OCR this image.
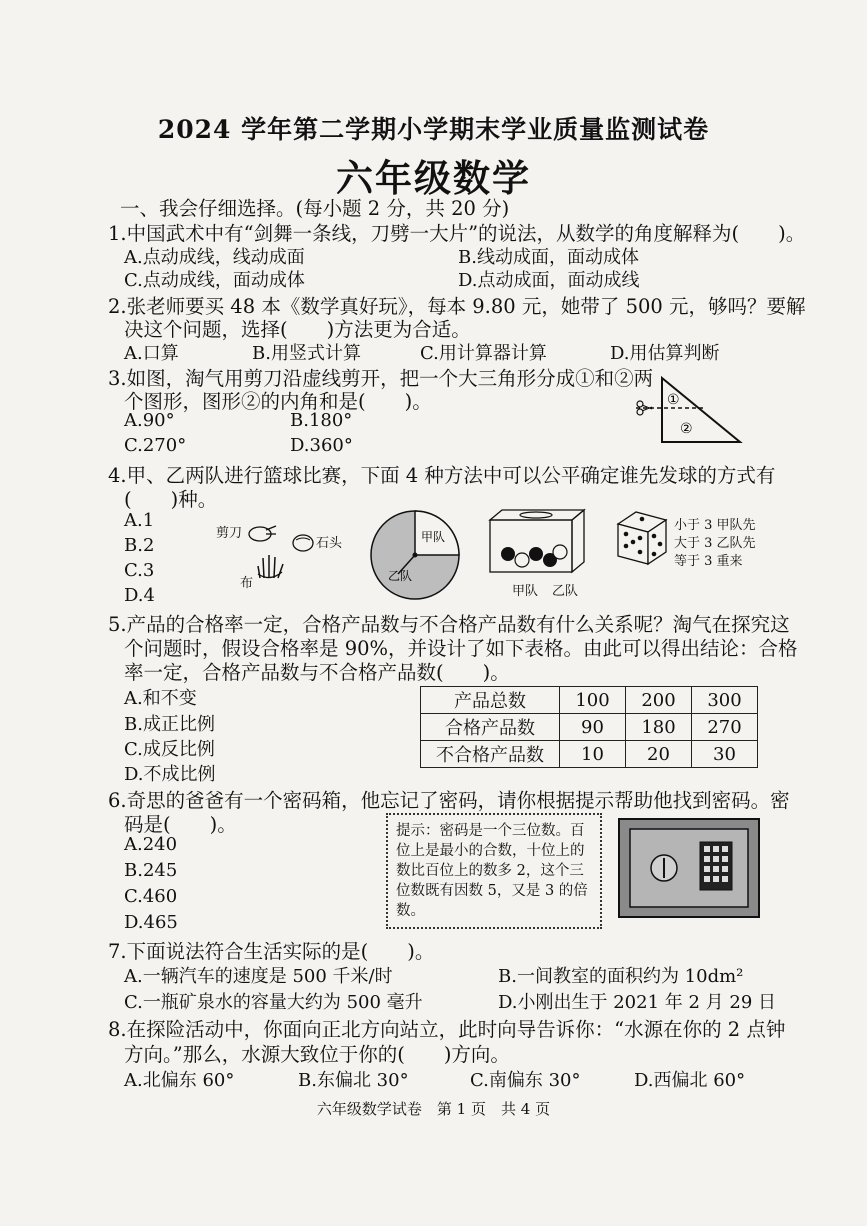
2024 学年第二学期小学期末学业质量监测试卷
六年级数学
一、我会仔细选择。(每小题 2 分，共 20 分)
1.中国武术中有“剑舞一条线，刀劈一大片”的说法，从数学的角度解释为(　　)。
A.点动成线，线动成面	B.线动成面，面动成体
C.点动成线，面动成体	D.点动成面，面动成线
2.张老师要买 48 本《数学真好玩》，每本 9.80 元，她带了 500 元，够吗？要解
决这个问题，选择(　　)方法更为合适。
A.口算	B.用竖式计算	C.用计算器计算	D.用估算判断
3.如图，淘气用剪刀沿虚线剪开，把一个大三角形分成①和②两
个图形，图形②的内角和是(　　)。
A.90°	B.180°
C.270°	D.360°
①
②
4.甲、乙两队进行篮球比赛，下面 4 种方法中可以公平确定谁先发球的方式有
(　　)种。
A.1
B.2
C.3
D.4
剪刀
石头
布
甲队
乙队
甲队 乙队
小于 3 甲队先
大于 3 乙队先
等于 3 重来
5.产品的合格率一定，合格产品数与不合格产品数有什么关系呢？淘气在探究这
个问题时，假设合格率是 90%，并设计了如下表格。由此可以得出结论：合格
率一定，合格产品数与不合格产品数(　　)。
A.和不变
B.成正比例
C.成反比例
D.不成比例
产品总数	100	200	300
合格产品数	90	180	270
不合格产品数	10	20	30
6.奇思的爸爸有一个密码箱，他忘记了密码，请你根据提示帮助他找到密码。密
码是(　　)。
A.240
B.245
C.460
D.465
提示：密码是一个三位数。百位上是最小的合数，十位上的数比百位上的数多 2，这个三位数既有因数 5，又是 3 的倍数。
7.下面说法符合生活实际的是(　　)。
A.一辆汽车的速度是 500 千米/时	B.一间教室的面积约为 10dm²
C.一瓶矿泉水的容量大约为 500 毫升	D.小刚出生于 2021 年 2 月 29 日
8.在探险活动中，你面向正北方向站立，此时向导告诉你：“水源在你的 2 点钟
方向。”那么，水源大致位于你的(　　)方向。
A.北偏东 60°	B.东偏北 30°	C.南偏东 30°	D.西偏北 60°
六年级数学试卷　第 1 页　共 4 页
